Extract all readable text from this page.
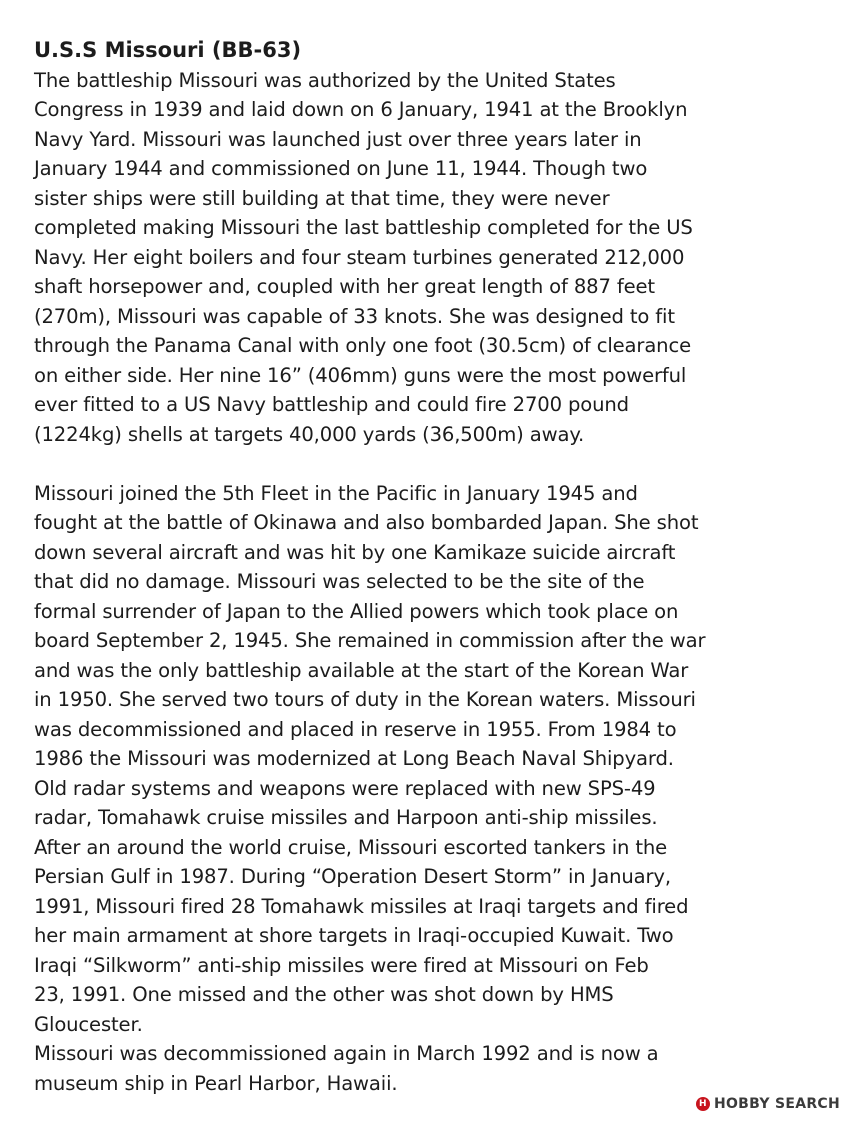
U.S.S Missouri (BB-63)

The battleship Missouri was authorized by the United States

Congress in 1939 and laid down on 6 January, 1941 at the Brooklyn

Navy Yard. Missouri was launched just over three years later in

January 1944 and commissioned on June 11, 1944. Though two

sister ships were still building at that time, they were never

completed making Missouri the last battleship completed for the US

Navy. Her eight boilers and four steam turbines generated 212,000

shaft horsepower and, coupled with her great length of 887 feet

(270m), Missouri was capable of 33 knots. She was designed to fit

through the Panama Canal with only one foot (30.5cm) of clearance

on either side. Her nine 16” (406mm) guns were the most powerful

ever fitted to a US Navy battleship and could fire 2700 pound

(1224kg) shells at targets 40,000 yards (36,500m) away.

Missouri joined the 5th Fleet in the Pacific in January 1945 and

fought at the battle of Okinawa and also bombarded Japan. She shot

down several aircraft and was hit by one Kamikaze suicide aircraft

that did no damage. Missouri was selected to be the site of the

formal surrender of Japan to the Allied powers which took place on

board September 2, 1945. She remained in commission after the war

and was the only battleship available at the start of the Korean War

in 1950. She served two tours of duty in the Korean waters. Missouri

was decommissioned and placed in reserve in 1955. From 1984 to

1986 the Missouri was modernized at Long Beach Naval Shipyard.

Old radar systems and weapons were replaced with new SPS-49

radar, Tomahawk cruise missiles and Harpoon anti-ship missiles.

After an around the world cruise, Missouri escorted tankers in the

Persian Gulf in 1987. During “Operation Desert Storm” in January,

1991, Missouri fired 28 Tomahawk missiles at Iraqi targets and fired

her main armament at shore targets in Iraqi-occupied Kuwait. Two

Iraqi “Silkworm” anti-ship missiles were fired at Missouri on Feb

23, 1991. One missed and the other was shot down by HMS

Gloucester.

Missouri was decommissioned again in March 1992 and is now a

museum ship in Pearl Harbor, Hawaii.

H HOBBY SEARCH
